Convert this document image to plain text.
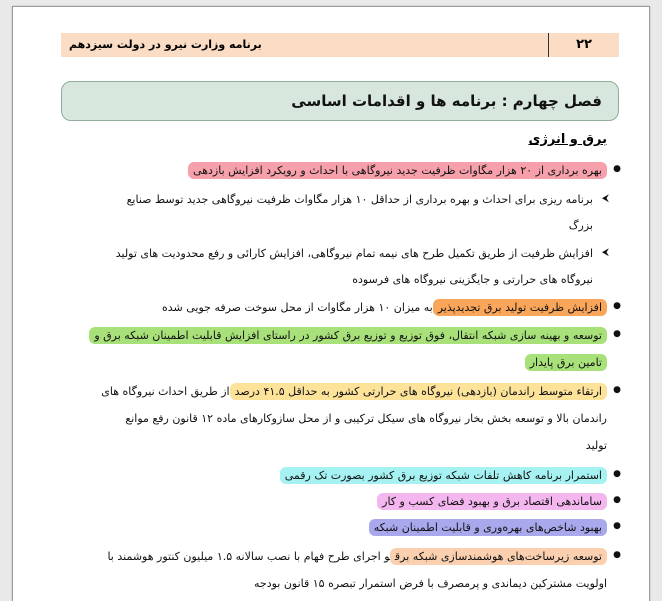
۲۲
برنامه وزارت نیرو در دولت سیزدهم
فصل چهارم : برنامه ها و اقدامات اساسی
برق و انرژی
● بهره برداری از ۲۰ هزار مگاوات ظرفیت جدید نیروگاهی با احداث و رویکرد افزایش بازدهی
⮜ برنامه ریزی برای احداث و بهره برداری از حداقل ۱۰ هزار مگاوات ظرفیت نیروگاهی جدید توسط صنایع
بزرگ
⮜ افزایش ظرفیت از طریق تکمیل طرح های نیمه تمام نیروگاهی، افزایش کارائی و رفع محدودیت های تولید
نیروگاه های حرارتی و جایگزینی نیروگاه های فرسوده
● افزایش ظرفیت تولید برق تجدیدپذیربه میزان ۱۰ هزار مگاوات از محل سوخت صرفه جویی شده
● توسعه و بهینه سازی شبکه انتقال، فوق توزیع و توزیع برق کشور در راستای افزایش قابلیت اطمینان شبکه برق و
تامین برق پایدار
● ارتقاء متوسط راندمان (بازدهی) نیروگاه های حرارتی کشور به حداقل ۴۱.۵ درصداز طریق احداث نیروگاه های
راندمان بالا و توسعه بخش بخار نیروگاه های سیکل ترکیبی و از محل سازوکارهای ماده ۱۲ قانون رفع موانع
تولید
● استمرار برنامه کاهش تلفات شبکه توزیع برق کشور بصورت تک رقمی
● ساماندهی اقتصاد برق و بهبود فضای کسب و کار
● بهبود شاخص‌های بهره‌وری و قابلیت اطمینان شبکه
● توسعه زیرساخت‌های هوشمندسازی شبکه برقو اجرای طرح فهام با نصب سالانه ۱.۵ میلیون کنتور هوشمند با
اولویت مشترکین دیماندی و پرمصرف با فرض استمرار تبصره ۱۵ قانون بودجه
